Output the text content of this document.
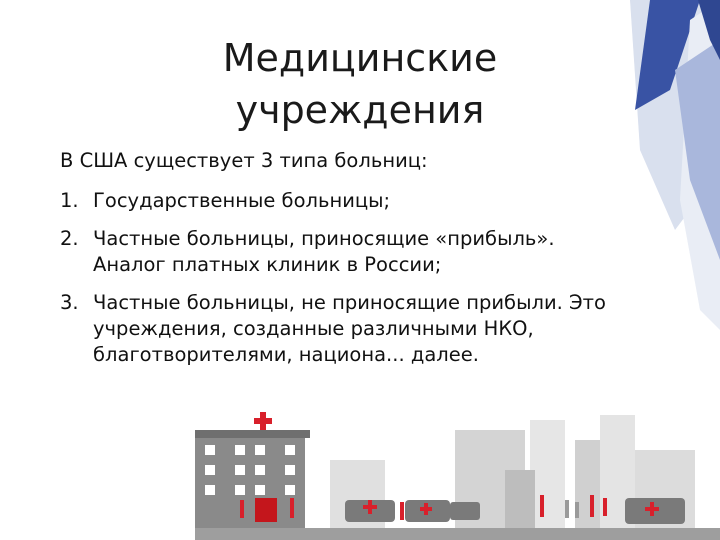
Медицинские
учреждения

В США существует 3 типа больниц:

1. Государственные больницы;
2. Частные больницы, приносящие «прибыль». Аналог платных клиник в России;
3. Частные больницы, не приносящие прибыли. Это учреждения, созданные различными НКО, благотворителями, национа... далее.
